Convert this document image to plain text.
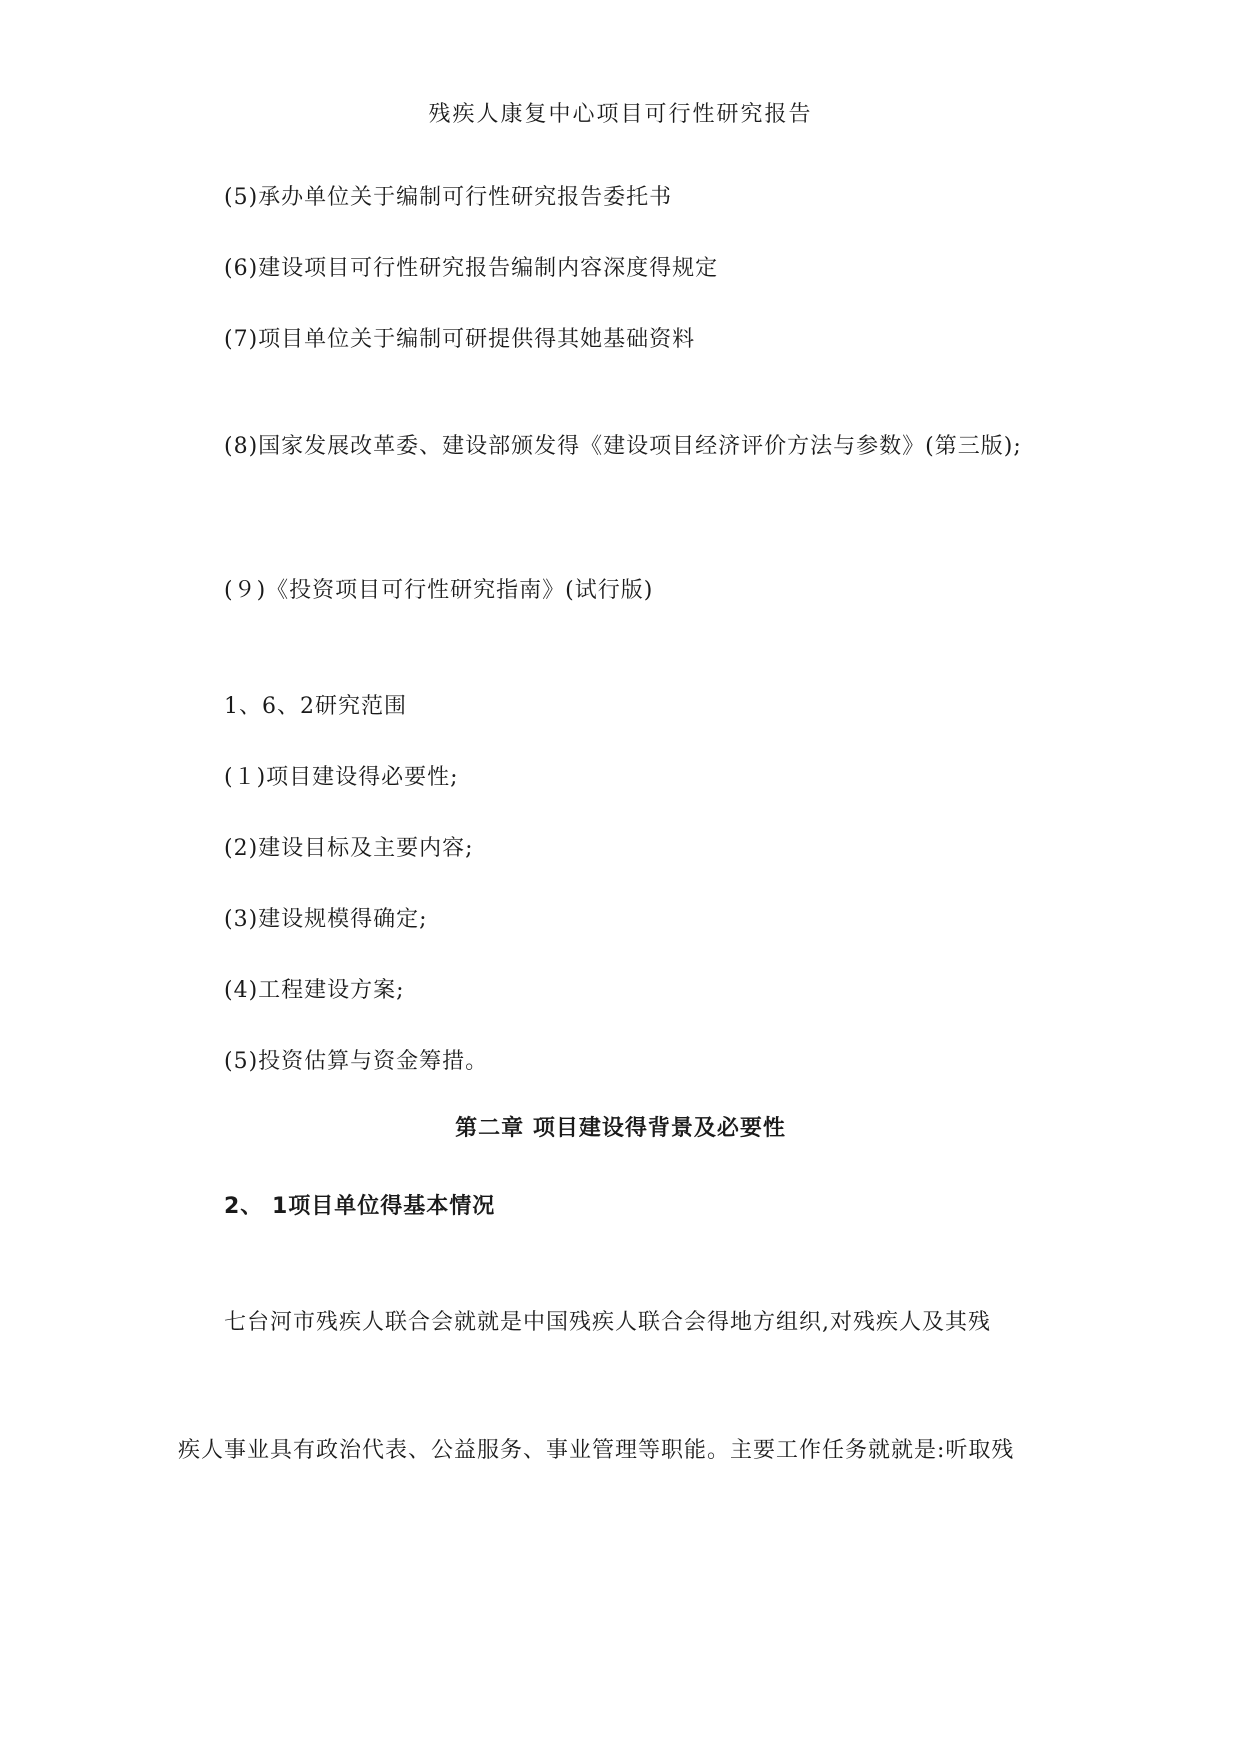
残疾人康复中心项目可行性研究报告
(5)承办单位关于编制可行性研究报告委托书
(6)建设项目可行性研究报告编制内容深度得规定
(7)项目单位关于编制可研提供得其她基础资料
(8)国家发展改革委、建设部颁发得《建设项目经济评价方法与参数》(第三版);
(９)《投资项目可行性研究指南》(试行版)
1、6、2研究范围
(１)项目建设得必要性;
(2)建设目标及主要内容;
(3)建设规模得确定;
(4)工程建设方案;
(5)投资估算与资金筹措。
第二章 项目建设得背景及必要性
2、 1项目单位得基本情况
七台河市残疾人联合会就就是中国残疾人联合会得地方组织,对残疾人及其残
疾人事业具有政治代表、公益服务、事业管理等职能。主要工作任务就就是:听取残
